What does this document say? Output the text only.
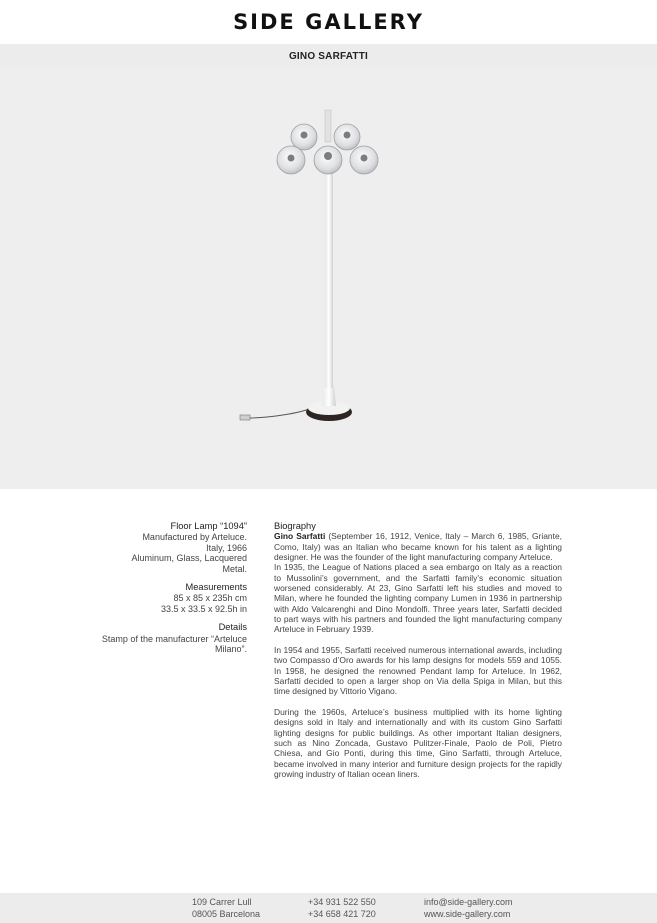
SIDE GALLERY
GINO SARFATTI
Floor Lamp “1094”
Manufactured by Arteluce.
Italy, 1966
Aluminum, Glass, Lacquered
Metal.
Measurements
85 x 85 x 235h cm
33.5 x 33.5 x 92.5h in
Details
Stamp of the manufacturer “Arteluce
Milano”.
Biography

Gino Sarfatti (September 16, 1912, Venice, Italy – March 6, 1985, Griante, Como, Italy) was an Italian who became known for his talent as a lighting designer. He was the founder of the light manufacturing company Arteluce.

In 1935, the League of Nations placed a sea embargo on Italy as a reaction to Mussolini’s government, and the Sarfatti family’s economic situation worsened considerably. At 23, Gino Sarfatti left his studies and moved to Milan, where he founded the lighting company Lumen in 1936 in partnership with Aldo Valcarenghi and Dino Mondolfi. Three years later, Sarfatti decided to part ways with his partners and founded the light manufacturing company Arteluce in February 1939.

In 1954 and 1955, Sarfatti received numerous international awards, including two Compasso d’Oro awards for his lamp designs for models 559 and 1055. In 1958, he designed the renowned Pendant lamp for Arteluce. In 1962, Sarfatti decided to open a larger shop on Via della Spiga in Milan, but this time designed by Vittorio Vigano.

During the 1960s, Arteluce’s business multiplied with its home lighting designs sold in Italy and internationally and with its custom Gino Sarfatti lighting designs for public buildings. As other important Italian designers, such as Nino Zoncada, Gustavo Pulitzer-Finale, Paolo de Poli, Pietro Chiesa, and Gio Ponti, during this time, Gino Sarfatti, through Arteluce, became involved in many interior and furniture design projects for the rapidly growing industry of Italian ocean liners.

109 Carrer Lull
08005 Barcelona
+34 931 522 550
+34 658 421 720
info@side-gallery.com
www.side-gallery.com
